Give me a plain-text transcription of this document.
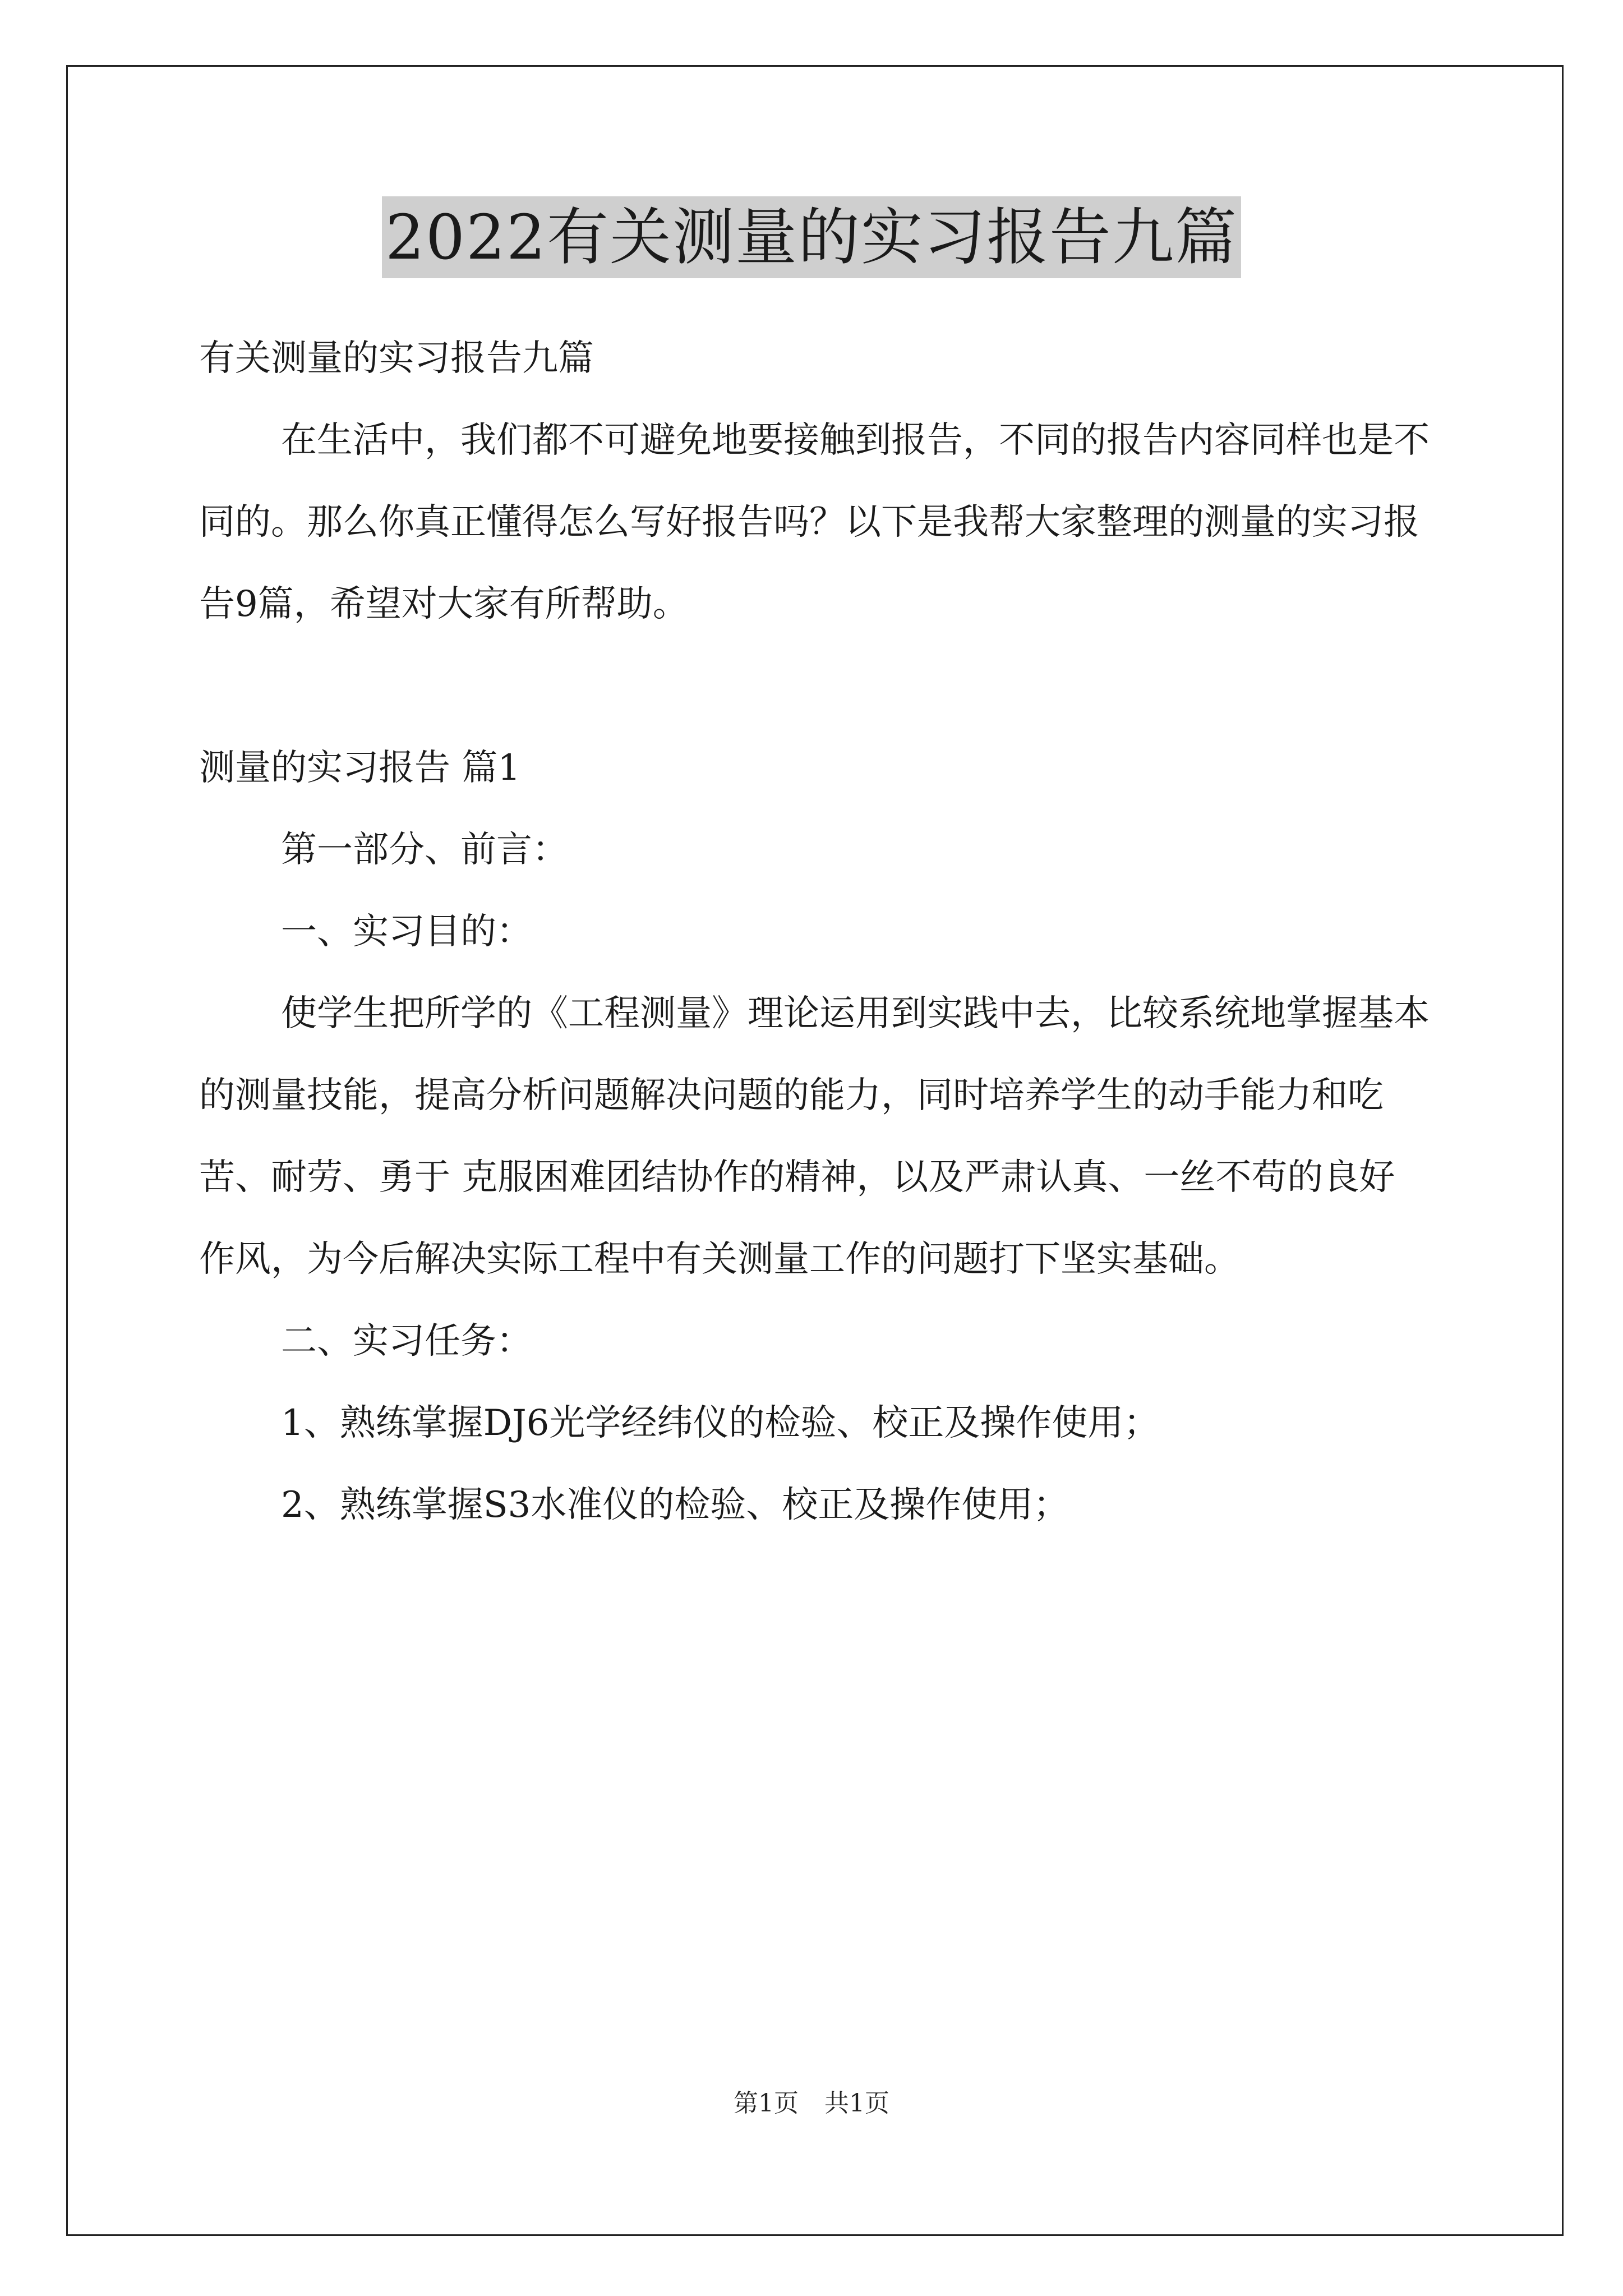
2022有关测量的实习报告九篇

有关测量的实习报告九篇

在生活中，我们都不可避免地要接触到报告，不同的报告内容同样也是不同的。那么你真正懂得怎么写好报告吗？以下是我帮大家整理的测量的实习报告9篇，希望对大家有所帮助。

测量的实习报告 篇1

第一部分、前言：

一、实习目的：

使学生把所学的《工程测量》理论运用到实践中去，比较系统地掌握基本的测量技能，提高分析问题解决问题的能力，同时培养学生的动手能力和吃苦、耐劳、勇于 克服困难团结协作的精神，以及严肃认真、一丝不苟的良好作风，为今后解决实际工程中有关测量工作的问题打下坚实基础。

二、实习任务：

1、熟练掌握DJ6光学经纬仪的检验、校正及操作使用；

2、熟练掌握S3水准仪的检验、校正及操作使用；

第1页 共1页
